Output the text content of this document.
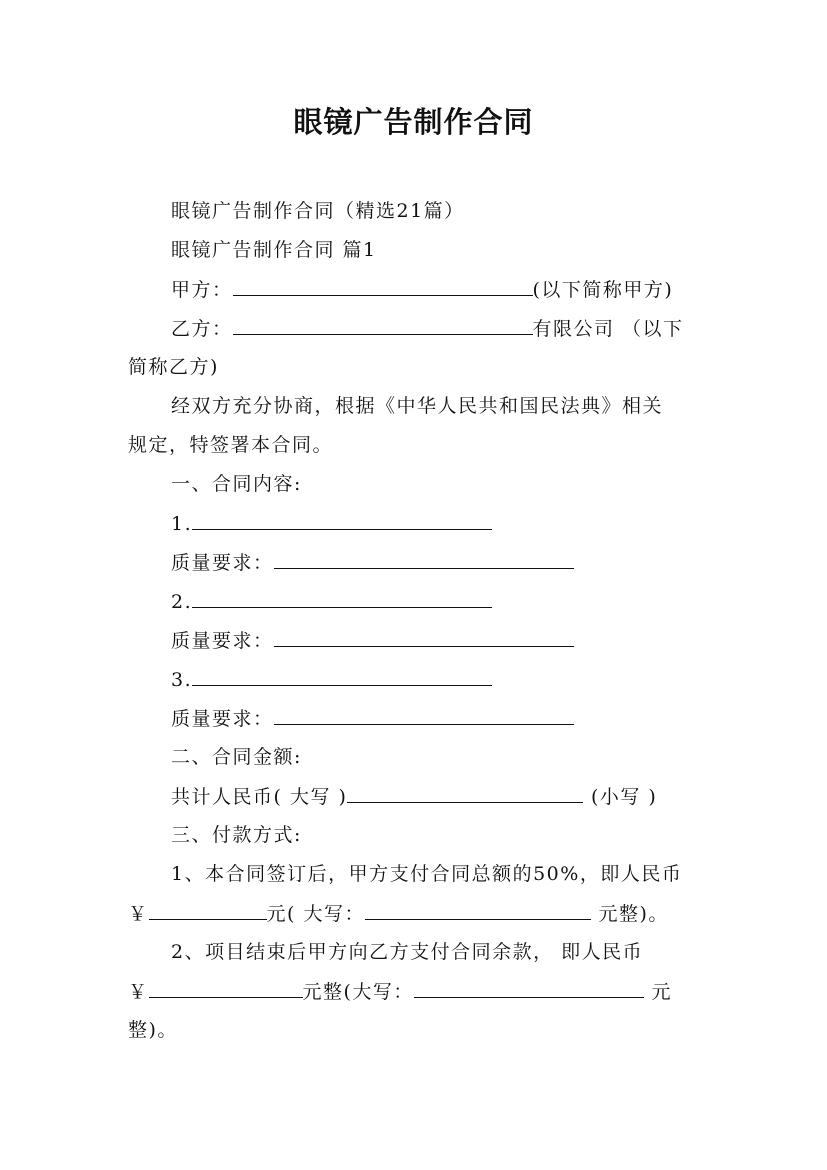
眼镜广告制作合同
眼镜广告制作合同（精选21篇）
眼镜广告制作合同 篇1
甲方：	(以下简称甲方)
乙方：	有限公司 （以下
简称乙方)
经双方充分协商，根据《中华人民共和国民法典》相关
规定，特签署本合同。
一、合同内容:
1.
质量要求：
2.
质量要求：
3.
质量要求：
二、合同金额:
共计人民币( 大写 )	(小写 )
三、付款方式:
1、本合同签订后，甲方支付合同总额的50%，即人民币
￥	元( 大写：	元整)。
2、项目结束后甲方向乙方支付合同余款， 即人民币
￥	元整(大写：	元
整)。
